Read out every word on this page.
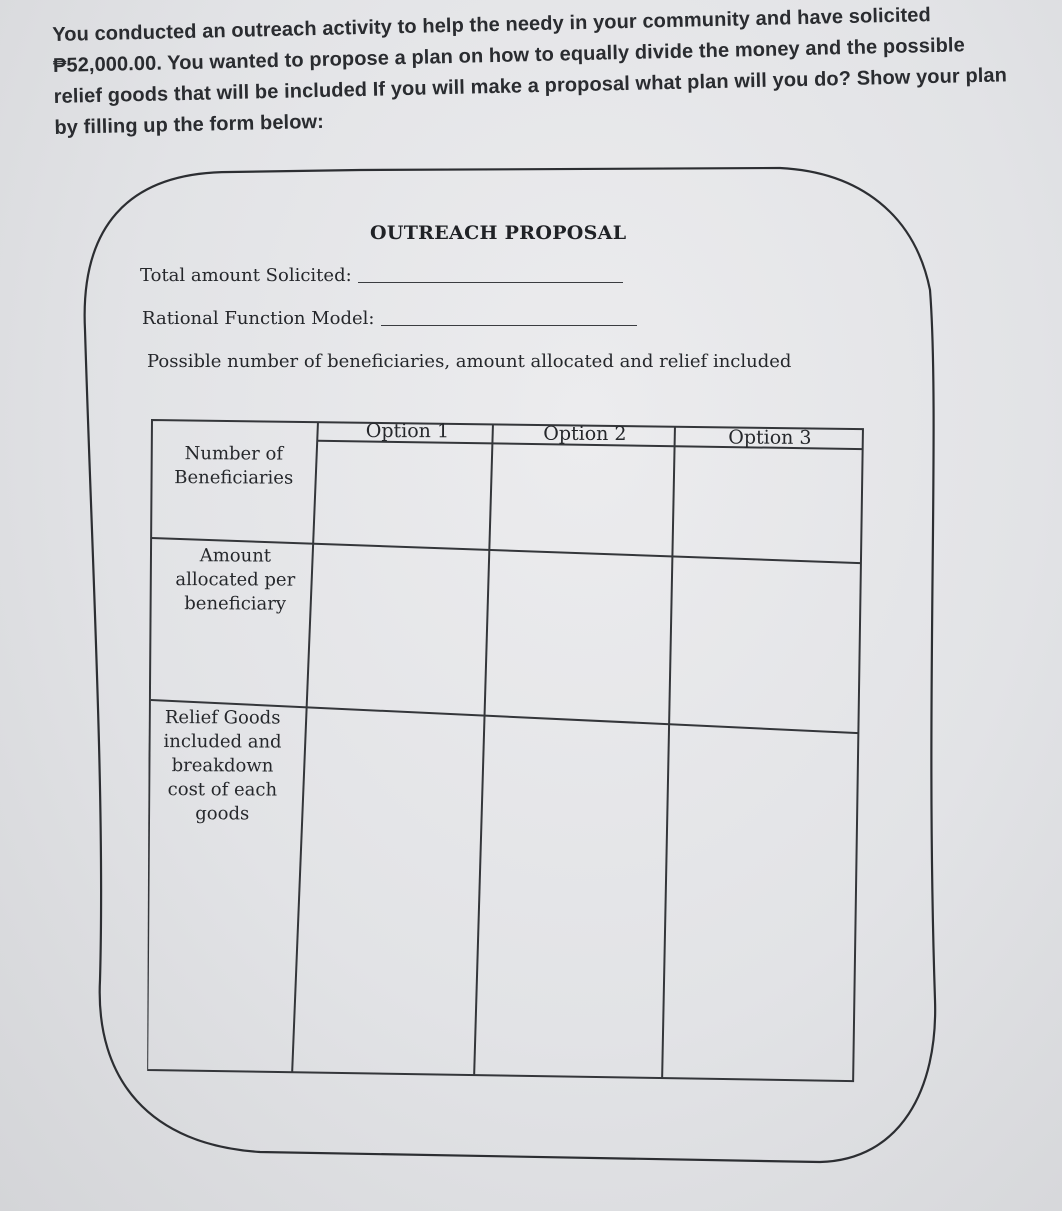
You conducted an outreach activity to help the needy in your community and have solicited ₱52,000.00. You wanted to propose a plan on how to equally divide the money and the possible relief goods that will be included If you will make a proposal what plan will you do? Show your plan by filling up the form below:
OUTREACH PROPOSAL
Total amount Solicited:
Rational Function Model:
Possible number of beneficiaries, amount allocated and relief included
Option 1	Option 2	Option 3
Number of Beneficiaries
Amount allocated per beneficiary
Relief Goods included and breakdown cost of each goods
